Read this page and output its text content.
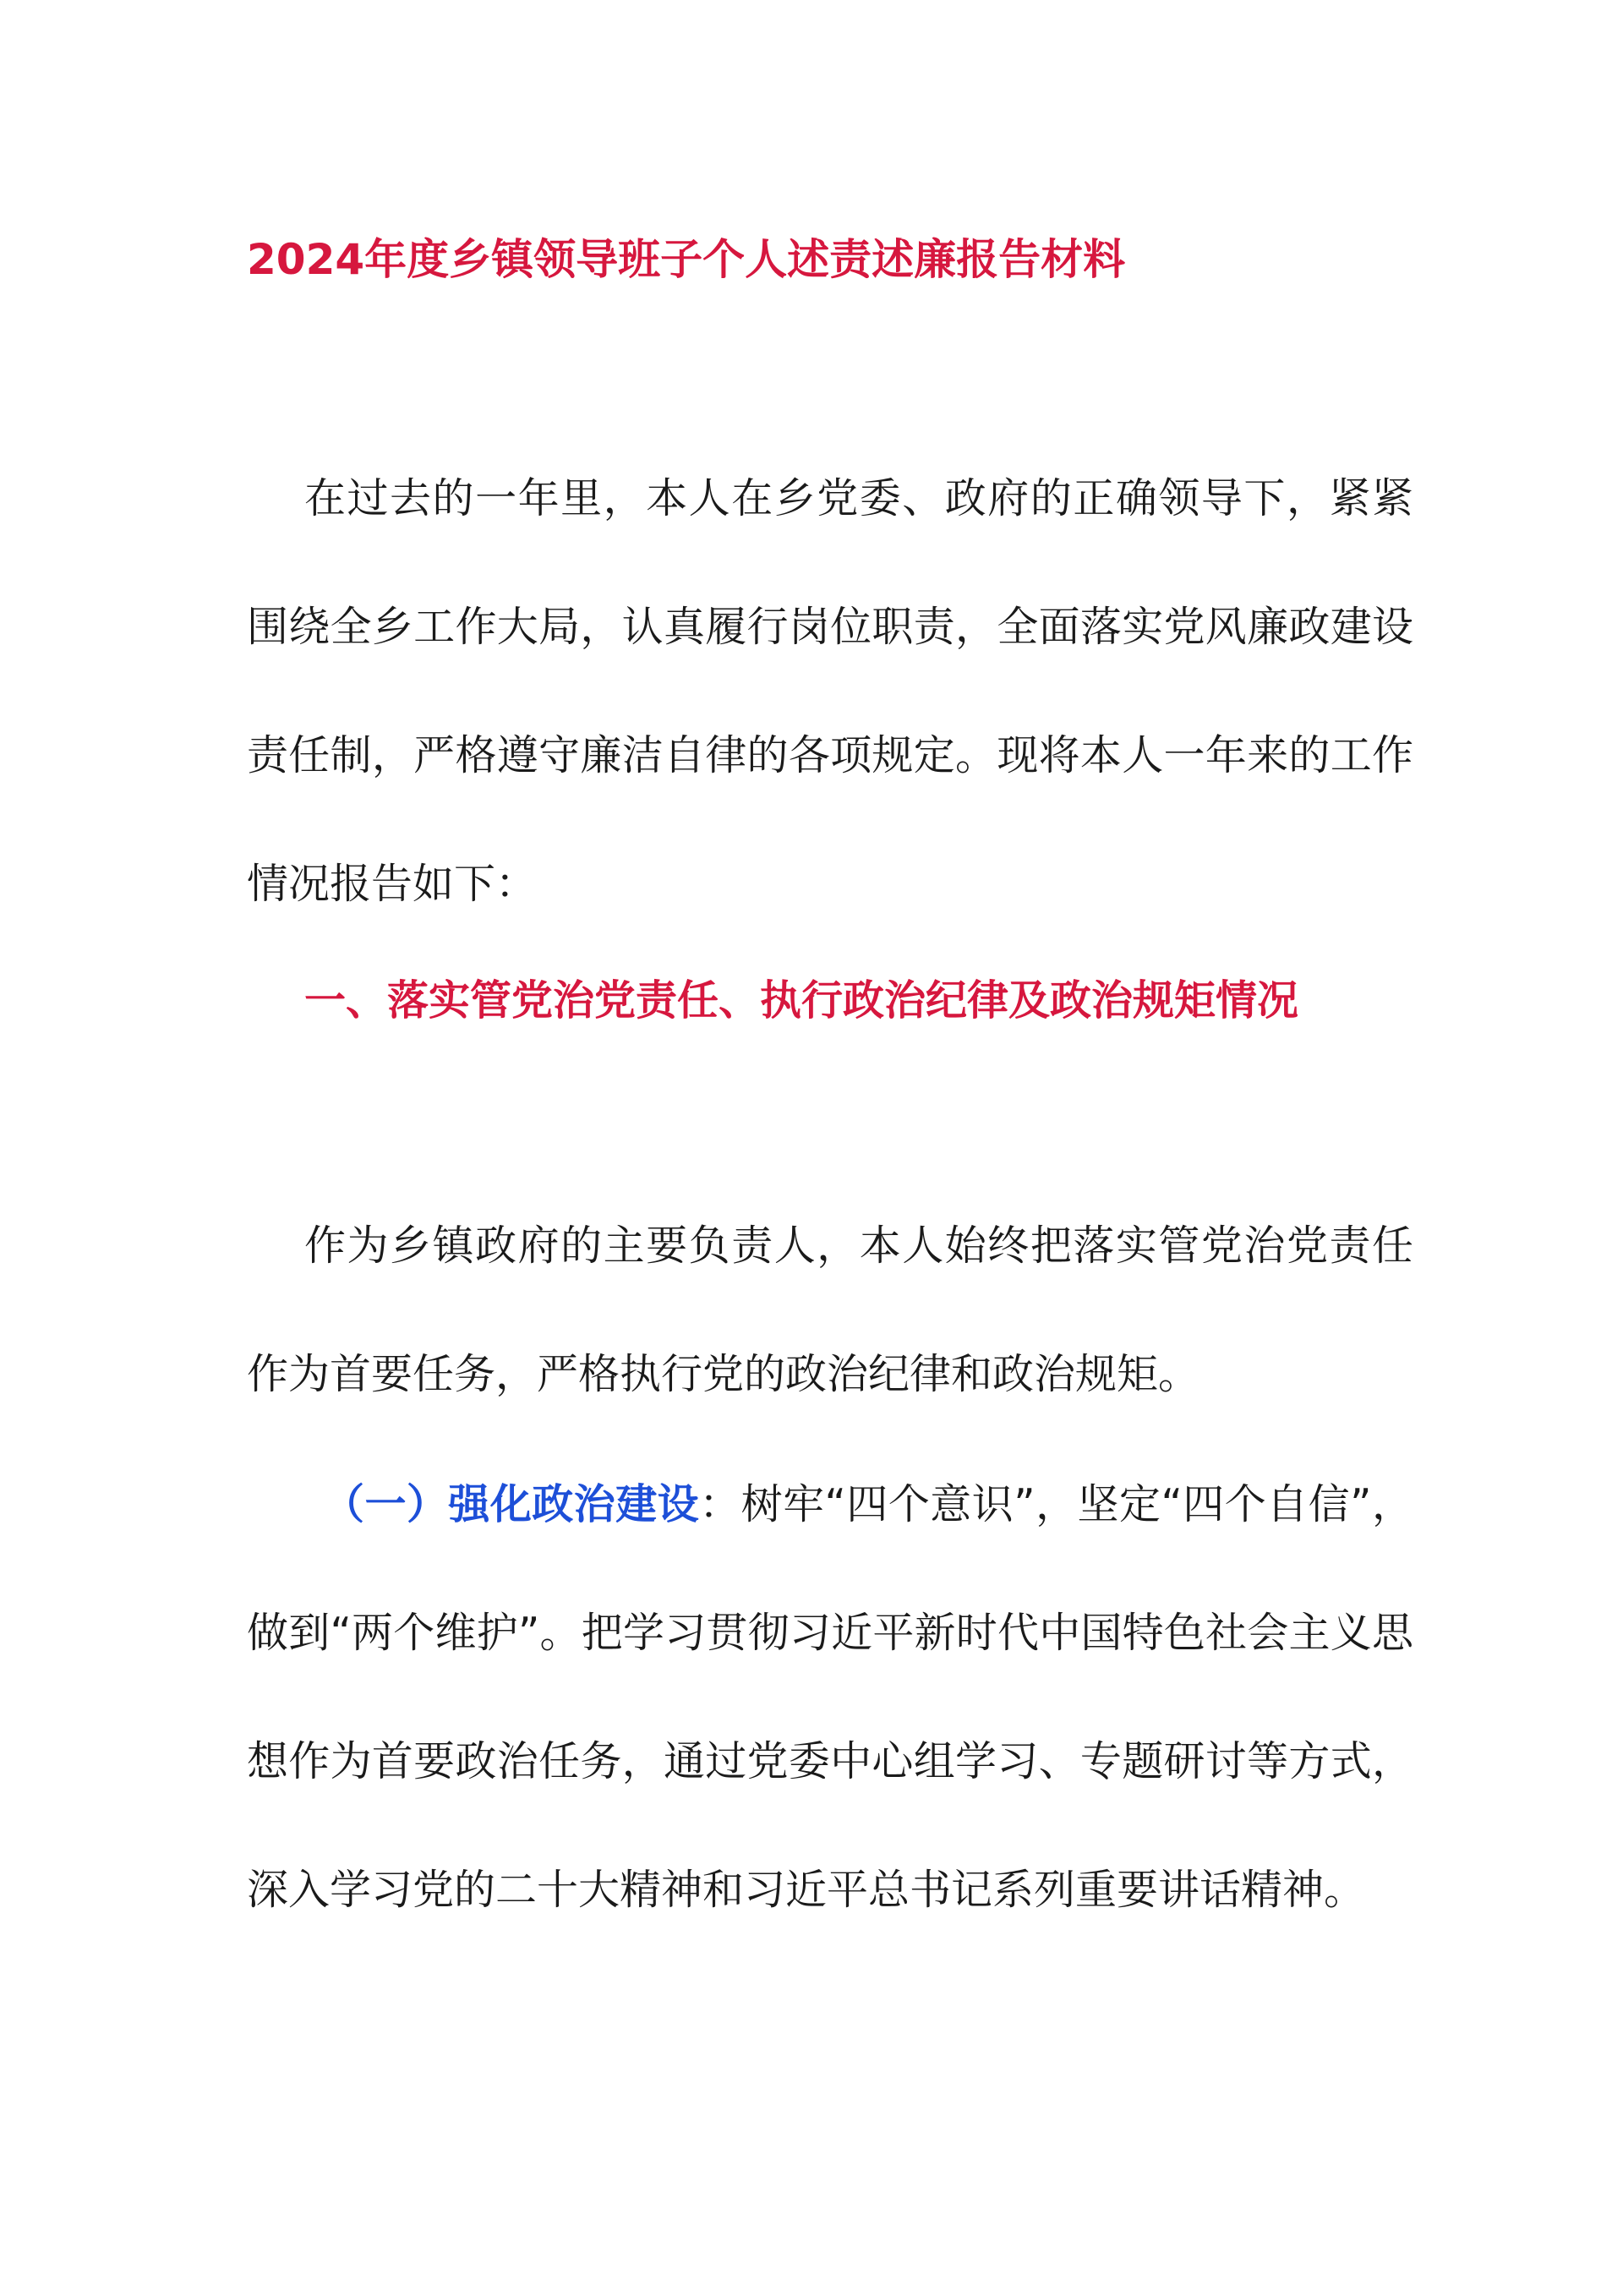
2024年度乡镇领导班子个人述责述廉报告材料
在过去的一年里，本人在乡党委、政府的正确领导下，紧紧围绕全乡工作大局，认真履行岗位职责，全面落实党风廉政建设责任制，严格遵守廉洁自律的各项规定。现将本人一年来的工作情况报告如下：
一、落实管党治党责任、执行政治纪律及政治规矩情况
作为乡镇政府的主要负责人，本人始终把落实管党治党责任作为首要任务，严格执行党的政治纪律和政治规矩。
（一）强化政治建设：树牢“四个意识”，坚定“四个自信”，做到“两个维护”。把学习贯彻习近平新时代中国特色社会主义思想作为首要政治任务，通过党委中心组学习、专题研讨等方式，深入学习党的二十大精神和习近平总书记系列重要讲话精神。
